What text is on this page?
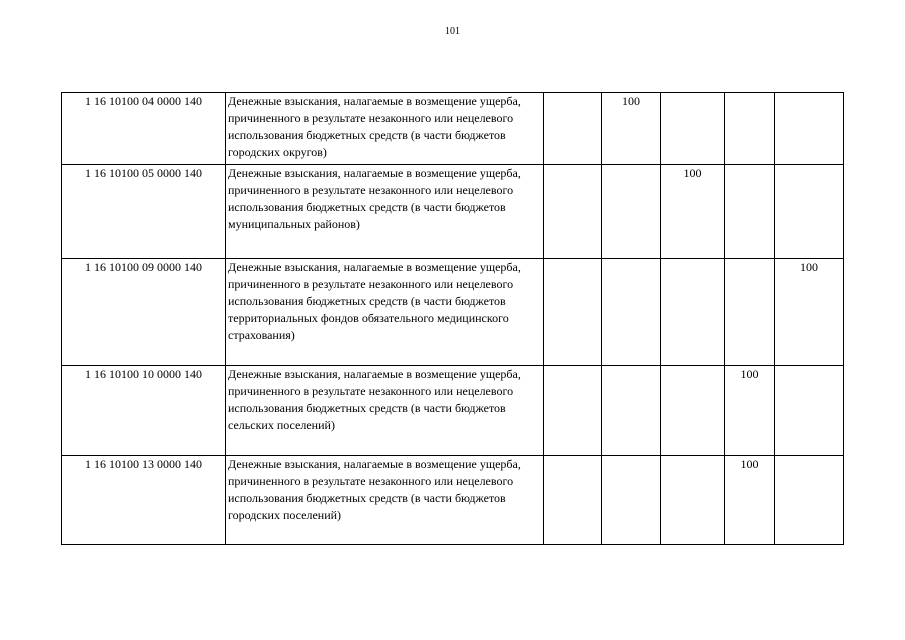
101
1 16 10100 04 0000 140	Денежные взыскания, налагаемые в возмещение ущерба, причиненного в результате незаконного или нецелевого использования бюджетных средств (в части бюджетов городских округов)		100			
1 16 10100 05 0000 140	Денежные взыскания, налагаемые в возмещение ущерба, причиненного в результате незаконного или нецелевого использования бюджетных средств (в части бюджетов муниципальных районов)			100		
1 16 10100 09 0000 140	Денежные взыскания, налагаемые в возмещение ущерба, причиненного в результате незаконного или нецелевого использования бюджетных средств (в части бюджетов территориальных фондов обязательного медицинского страхования)					100
1 16 10100 10 0000 140	Денежные взыскания, налагаемые в возмещение ущерба, причиненного в результате незаконного или нецелевого использования бюджетных средств (в части бюджетов сельских поселений)				100	
1 16 10100 13 0000 140	Денежные взыскания, налагаемые в возмещение ущерба, причиненного в результате незаконного или нецелевого использования бюджетных средств (в части бюджетов городских поселений)				100	
